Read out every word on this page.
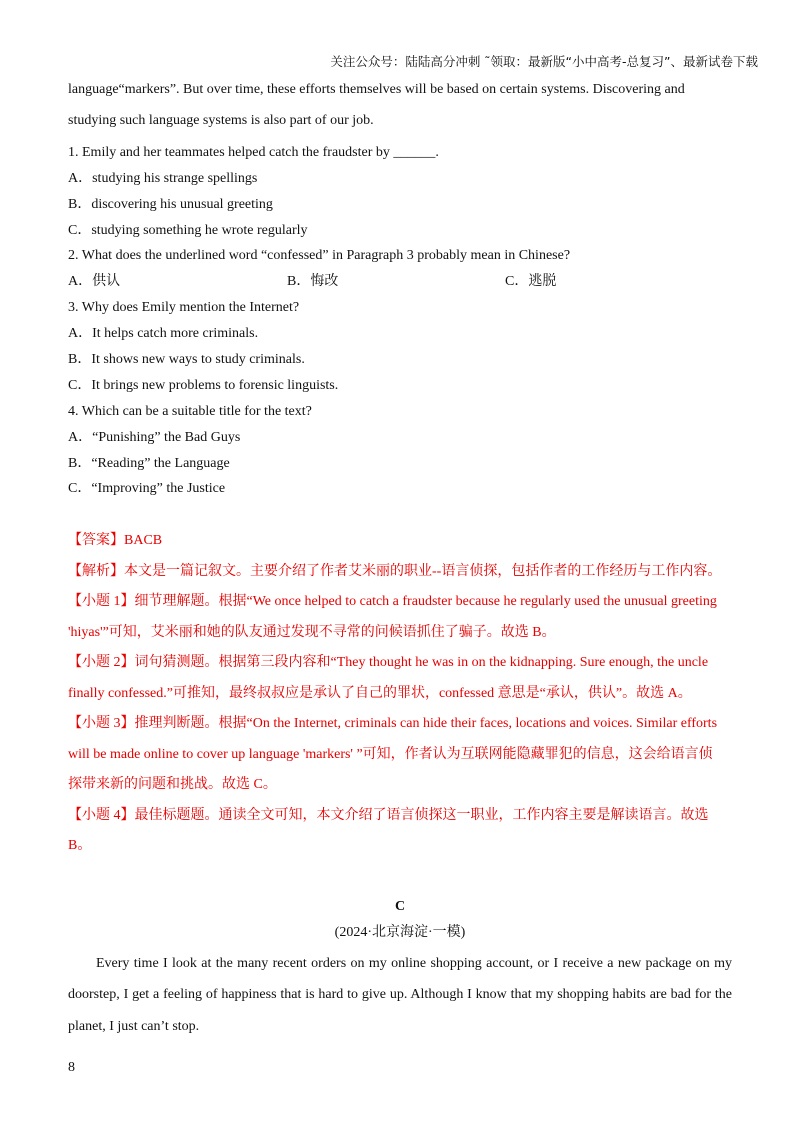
关注公众号：陆陆高分冲刺 ˜领取：最新版“小中高考-总复习”、最新试卷下载

language“markers”. But over time, these efforts themselves will be based on certain systems. Discovering and

studying such language systems is also part of our job.

1. Emily and her teammates helped catch the fraudster by ______.

A．studying his strange spellings

B．discovering his unusual greeting

C．studying something he wrote regularly

2. What does the underlined word “confessed” in Paragraph 3 probably mean in Chinese?

A．供认	B．悔改	C．逃脱

3. Why does Emily mention the Internet?

A．It helps catch more criminals.

B．It shows new ways to study criminals.

C．It brings new problems to forensic linguists.

4. Which can be a suitable title for the text?

A．“Punishing” the Bad Guys

B．“Reading” the Language

C．“Improving” the Justice

【答案】BACB

【解析】本文是一篇记叙文。主要介绍了作者艾米丽的职业--语言侦探，包括作者的工作经历与工作内容。

【小题 1】细节理解题。根据“We once helped to catch a fraudster because he regularly used the unusual greeting

'hiyas'”可知，艾米丽和她的队友通过发现不寻常的问候语抓住了骗子。故选 B。

【小题 2】词句猜测题。根据第三段内容和“They thought he was in on the kidnapping. Sure enough, the uncle

finally confessed.”可推知，最终叔叔应是承认了自己的罪状，confessed 意思是“承认，供认”。故选 A。

【小题 3】推理判断题。根据“On the Internet, criminals can hide their faces, locations and voices. Similar efforts

will be made online to cover up language 'markers' ”可知，作者认为互联网能隐藏罪犯的信息，这会给语言侦

探带来新的问题和挑战。故选 C。

【小题 4】最佳标题题。通读全文可知，本文介绍了语言侦探这一职业，工作内容主要是解读语言。故选

B。

C
(2024·北京海淀·一模)

Every time I look at the many recent orders on my online shopping account, or I receive a new package on my doorstep, I get a feeling of happiness that is hard to give up. Although I know that my shopping habits are bad for the planet, I just can’t stop.

8
